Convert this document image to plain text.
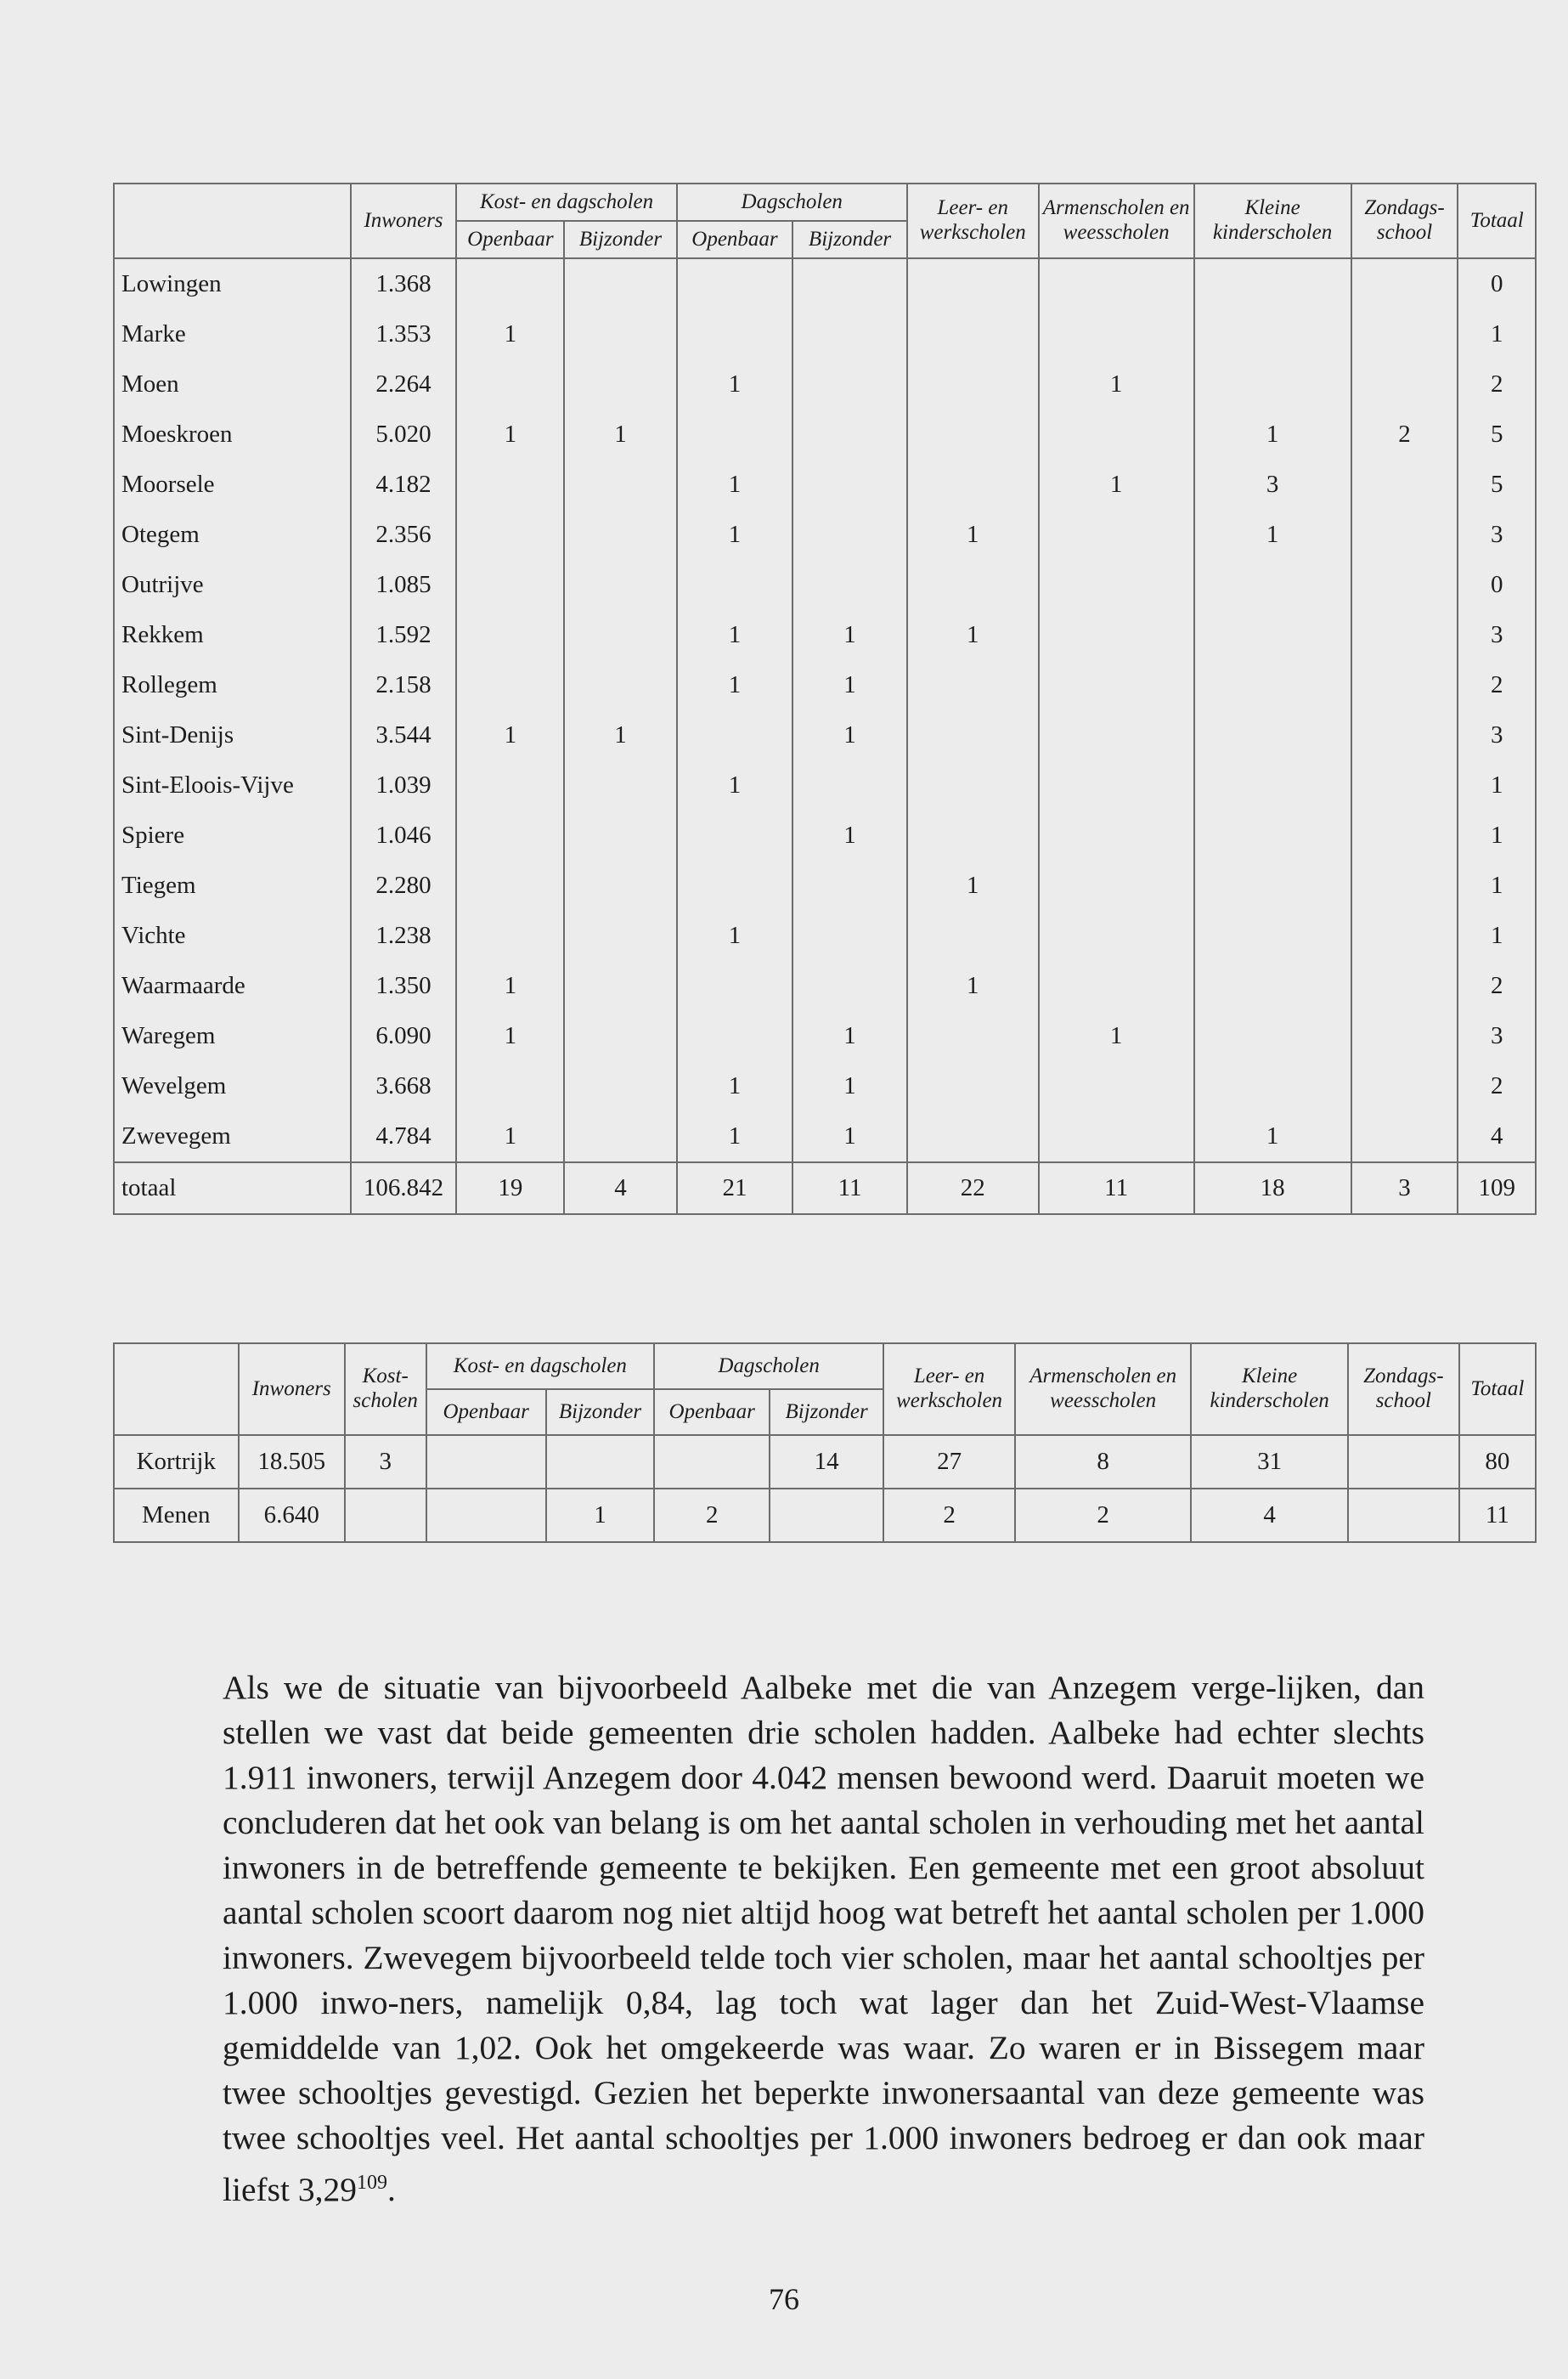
	Inwoners	Kost- en dagscholen		Dagscholen		Leer- en werkscholen	Armenscholen en weesscholen	Kleine kinderscholen	Zondags- school	Totaal
		Openbaar	Bijzonder	Openbaar	Bijzonder					
Lowingen	1.368									0
Marke	1.353	1								1
Moen	2.264			1			1			2
Moeskroen	5.020	1	1					1	2	5
Moorsele	4.182			1			1	3		5
Otegem	2.356			1		1		1		3
Outrijve	1.085									0
Rekkem	1.592			1	1	1				3
Rollegem	2.158			1	1					2
Sint-Denijs	3.544	1	1		1					3
Sint-Eloois-Vijve	1.039			1						1
Spiere	1.046				1					1
Tiegem	2.280					1				1
Vichte	1.238			1						1
Waarmaarde	1.350	1				1				2
Waregem	6.090	1			1		1			3
Wevelgem	3.668			1	1					2
Zwevegem	4.784	1		1	1			1		4
totaal	106.842	19	4	21	11	22	11	18	3	109
	Inwoners	Kost- scholen	Kost- en dagscholen		Dagscholen		Leer- en werkscholen	Armenscholen en weesscholen	Kleine kinderscholen	Zondags- school	Totaal
			Openbaar	Bijzonder	Openbaar	Bijzonder					
Kortrijk	18.505	3				14	27	8	31		80
Menen	6.640			1	2		2	2	4		11

Als we de situatie van bijvoorbeeld Aalbeke met die van Anzegem verge-lijken, dan stellen we vast dat beide gemeenten drie scholen hadden. Aalbeke had echter slechts 1.911 inwoners, terwijl Anzegem door 4.042 mensen bewoond werd. Daaruit moeten we concluderen dat het ook van belang is om het aantal scholen in verhouding met het aantal inwoners in de betreffende gemeente te bekijken. Een gemeente met een groot absoluut aantal scholen scoort daarom nog niet altijd hoog wat betreft het aantal scholen per 1.000 inwoners. Zwevegem bijvoorbeeld telde toch vier scholen, maar het aantal schooltjes per 1.000 inwo-ners, namelijk 0,84, lag toch wat lager dan het Zuid-West-Vlaamse gemiddelde van 1,02. Ook het omgekeerde was waar. Zo waren er in Bissegem maar twee schooltjes gevestigd. Gezien het beperkte inwonersaantal van deze gemeente was twee schooltjes veel. Het aantal schooltjes per 1.000 inwoners bedroeg er dan ook maar liefst 3,29$^{109}$.

76
